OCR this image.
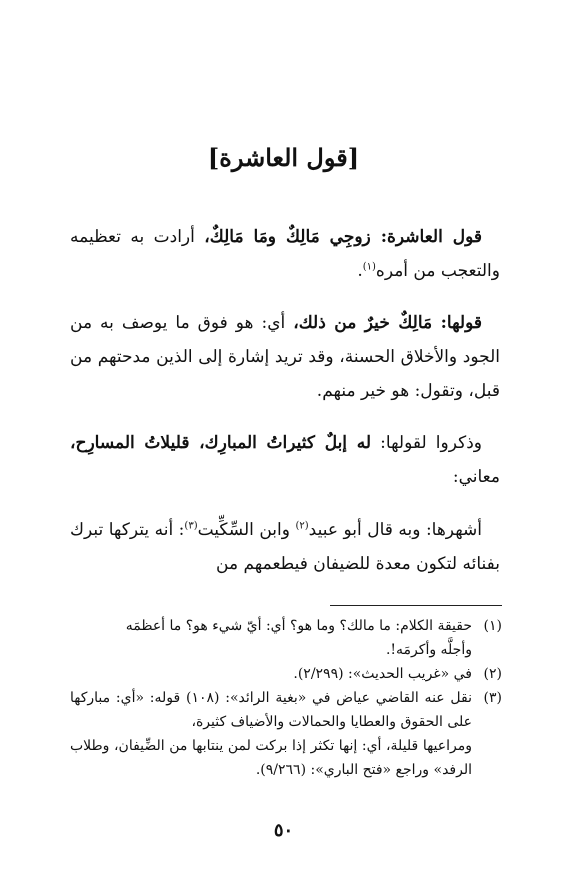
[قول العاشرة]

قول العاشرة: زوجِي مَالِكٌ ومَا مَالِكٌ، أرادت به تعظيمه والتعجب من أمره$^{(١)}$.

قولها: مَالِكٌ خيرٌ من ذلك، أي: هو فوق ما يوصف به من الجود والأخلاق الحسنة، وقد تريد إشارة إلى الذين مدحتهم من قبل، وتقول: هو خير منهم.

وذكروا لقولها: له إبلٌ كثيراتُ المبارِك، قليلاتُ المسارِح، معاني:

أشهرها: وبه قال أبو عبيد$^{(٢)}$ وابن السِّكِّيت$^{(٣)}$: أنه يتركها تبرك بفنائه لتكون معدة للضيفان فيطعمهم من

(١)
حقيقة الكلام: ما مالك؟ وما هو؟ أي: أيّ شيء هو؟ ما أعظمَه
وأجلَّه وأكرمَه!.
(٢)
في «غريب الحديث»: (٢/٢٩٩).
(٣)
نقل عنه القاضي عياض في «بغية الرائد»: (١٠٨) قوله: «أي: مباركها على الحقوق والعطايا والحمالات والأضياف كثيرة،
ومراعيها قليلة، أي: إنها تكثر إذا بركت لمن ينتابها من الضِّيفان، وطلاب الرفد» وراجع «فتح الباري»: (٩/٢٦٦).
٥٠
